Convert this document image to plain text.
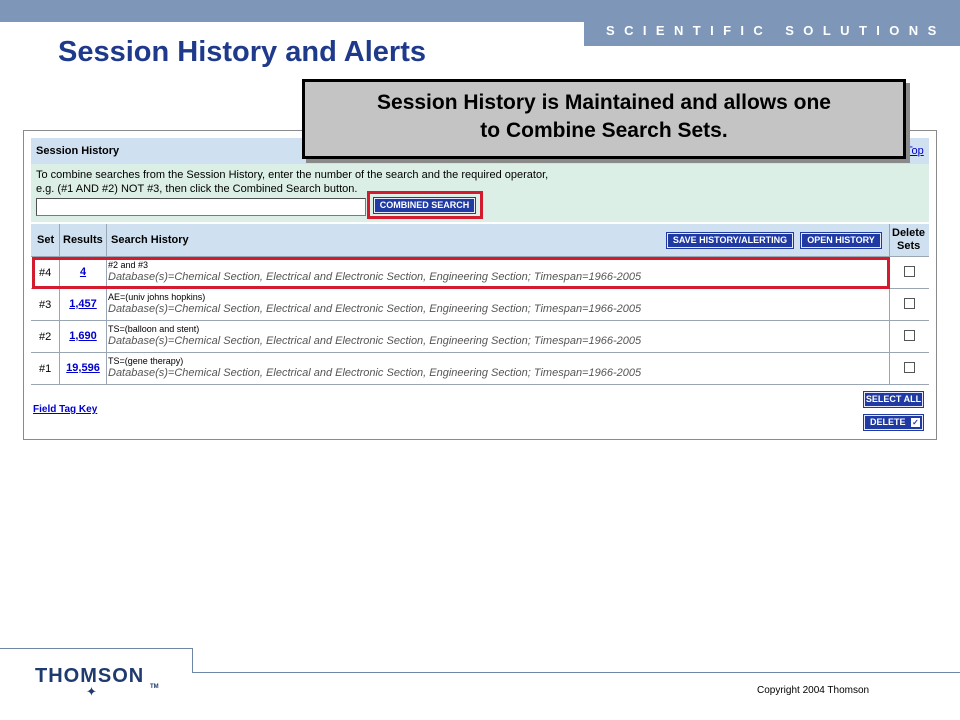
SCIENTIFIC SOLUTIONS
Session History and Alerts
Session History	Top
To combine searches from the Session History, enter the number of the search and the required operator,
e.g. (#1 AND #2) NOT #3, then click the Combined Search button.
COMBINED SEARCH
Set Results Search History
Delete
Sets
SAVE HISTORY/ALERTING	OPEN HISTORY
#4	4
#2 and #3
Database(s)=Chemical Section, Electrical and Electronic Section, Engineering Section; Timespan=1966-2005
#3	1,457
AE=(univ johns hopkins)
Database(s)=Chemical Section, Electrical and Electronic Section, Engineering Section; Timespan=1966-2005
#2	1,690
TS=(balloon and stent)
Database(s)=Chemical Section, Electrical and Electronic Section, Engineering Section; Timespan=1966-2005
#1	19,596
TS=(gene therapy)
Database(s)=Chemical Section, Electrical and Electronic Section, Engineering Section; Timespan=1966-2005
Field Tag Key
SELECT ALL
DELETE ✓
Session History is Maintained and allows one
to Combine Search Sets.
THOMSON
✦	TM	Copyright 2004 Thomson
